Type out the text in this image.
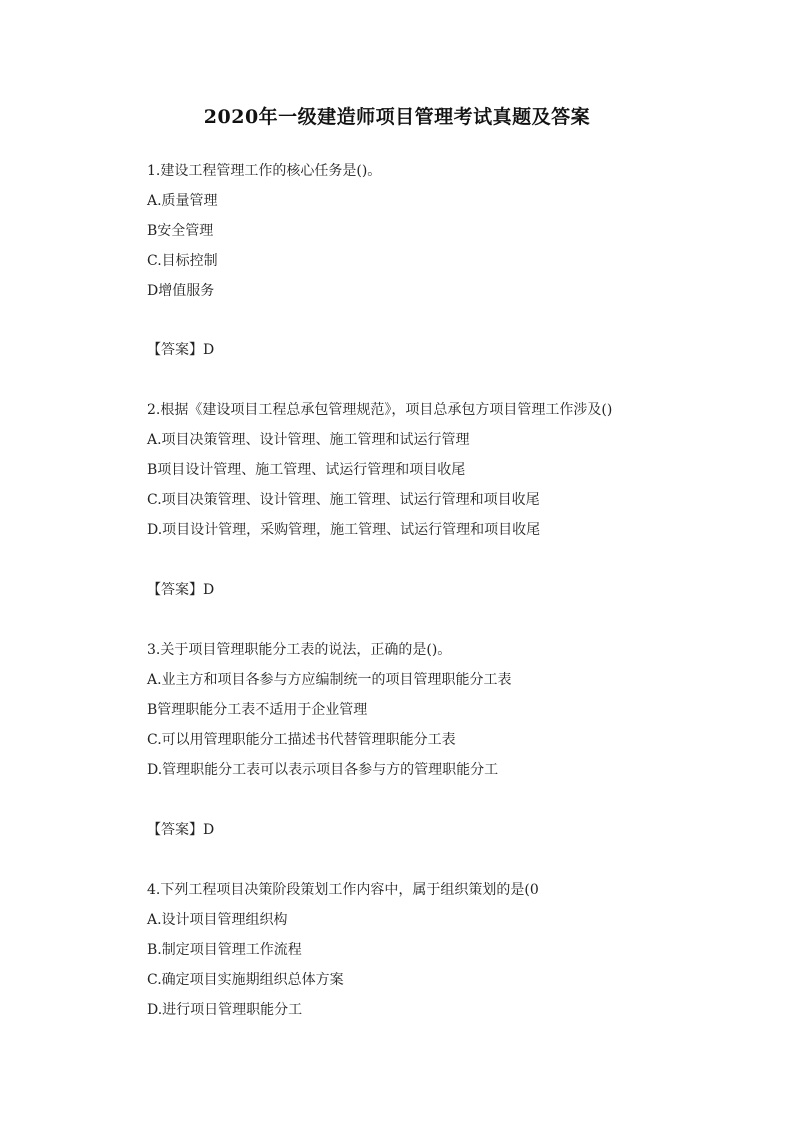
2020年一级建造师项目管理考试真题及答案
1.建设工程管理工作的核心任务是()。
A.质量管理
B安全管理
C.目标控制
D增值服务
【答案】D
2.根据《建设项目工程总承包管理规范》，项目总承包方项目管理工作涉及()
A.项目决策管理、设计管理、施工管理和试运行管理
B项目设计管理、施工管理、试运行管理和项目收尾
C.项目决策管理、设计管理、施工管理、试运行管理和项目收尾
D.项目设计管理，采购管理，施工管理、试运行管理和项目收尾
【答案】D
3.关于项目管理职能分工表的说法，正确的是()。
A.业主方和项目各参与方应编制统一的项目管理职能分工表
B管理职能分工表不适用于企业管理
C.可以用管理职能分工描述书代替管理职能分工表
D.管理职能分工表可以表示项目各参与方的管理职能分工
【答案】D
4.下列工程项目决策阶段策划工作内容中，属于组织策划的是(0
A.设计项目管理组织构
B.制定项目管理工作流程
C.确定项目实施期组织总体方案
D.进行项日管理职能分工
